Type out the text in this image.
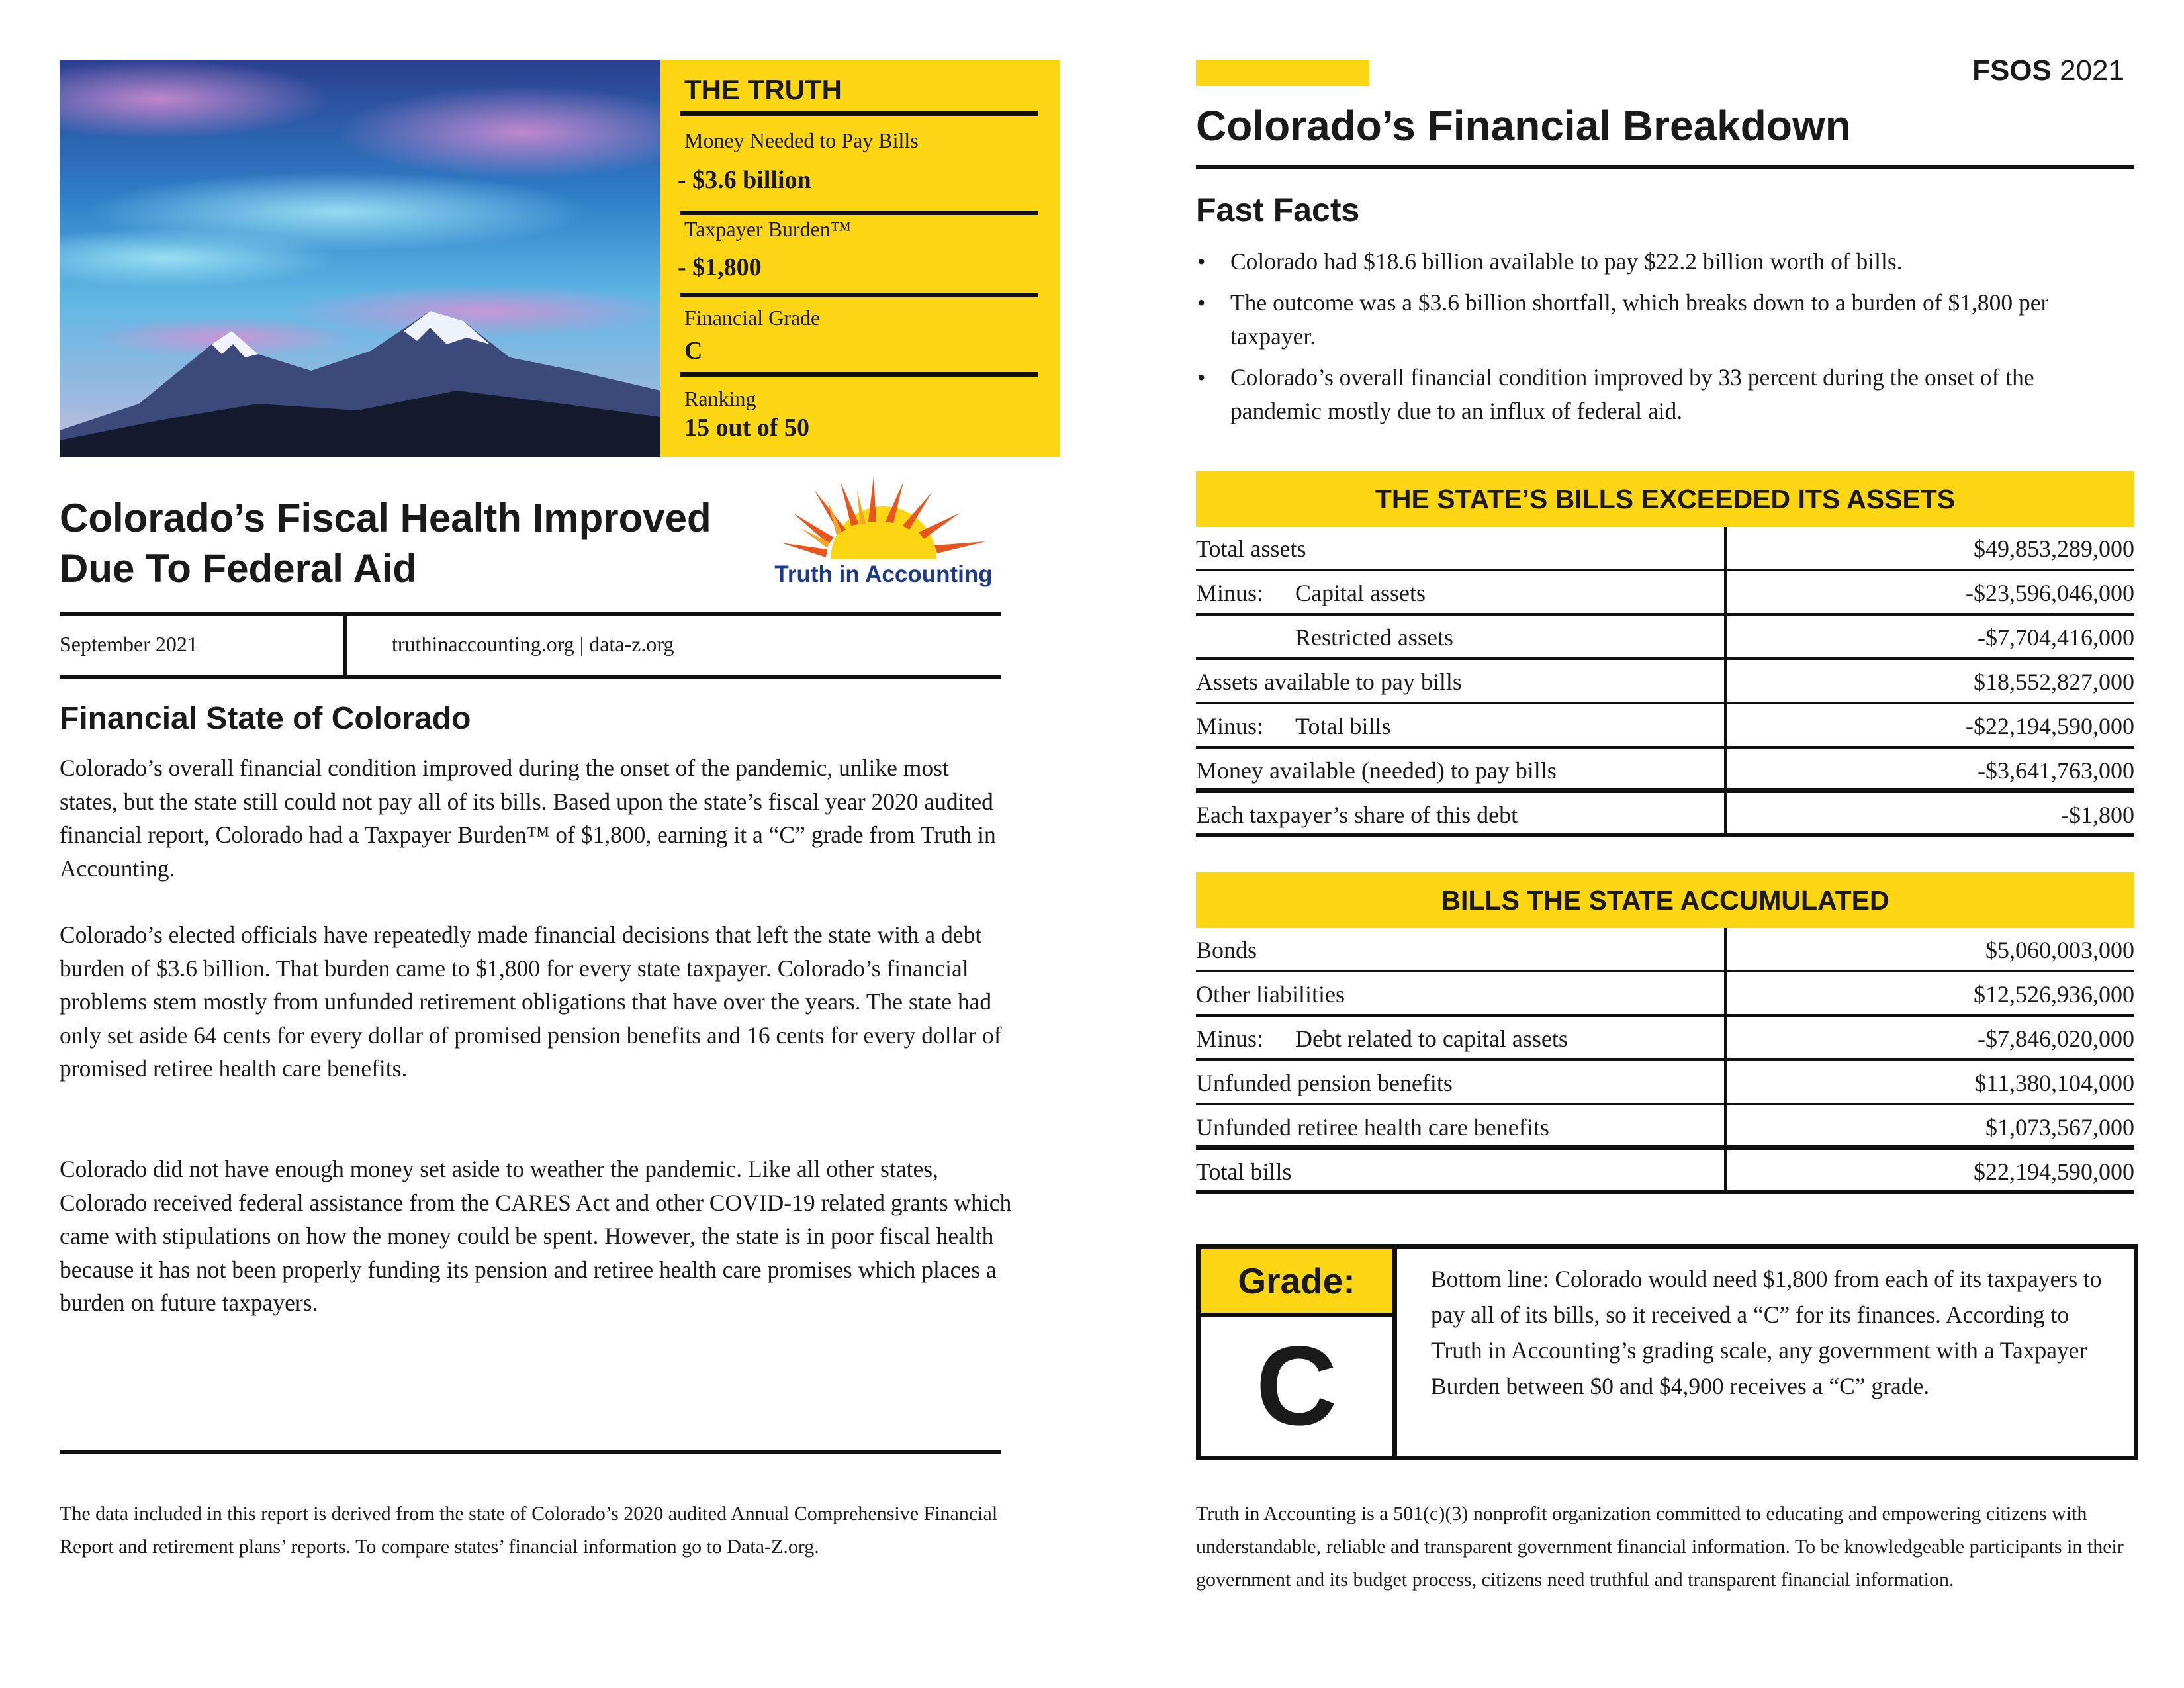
THE TRUTH
Money Needed to Pay Bills
- $3.6 billion
Taxpayer Burden™
- $1,800
Financial Grade
C
Ranking
15 out of 50
Colorado’s Fiscal Health Improved
Due To Federal Aid	Truth in Accounting
September 2021	truthinaccounting.org | data-z.org
Financial State of Colorado

Colorado’s overall financial condition improved during the onset of the pandemic, unlike most states, but the state still could not pay all of its bills. Based upon the state’s fiscal year 2020 audited financial report, Colorado had a Taxpayer Burden™ of $1,800, earning it a “C” grade from Truth in Accounting.

Colorado’s elected officials have repeatedly made financial decisions that left the state with a debt burden of $3.6 billion. That burden came to $1,800 for every state taxpayer. Colorado’s financial problems stem mostly from unfunded retirement obligations that have over the years. The state had only set aside 64 cents for every dollar of promised pension benefits and 16 cents for every dollar of promised retiree health care benefits.

Colorado did not have enough money set aside to weather the pandemic. Like all other states, Colorado received federal assistance from the CARES Act and other COVID-19 related grants which came with stipulations on how the money could be spent. However, the state is in poor fiscal health because it has not been properly funding its pension and retiree health care promises which places a burden on future taxpayers.

The data included in this report is derived from the state of Colorado’s 2020 audited Annual Comprehensive Financial Report and retirement plans’ reports. To compare states’ financial information go to Data-Z.org.

FSOS 2021
Colorado’s Financial Breakdown
Fast Facts
• Colorado had $18.6 billion available to pay $22.2 billion worth of bills.
• The outcome was a $3.6 billion shortfall, which breaks down to a burden of $1,800 per taxpayer.
• Colorado’s overall financial condition improved by 33 percent during the onset of the pandemic mostly due to an influx of federal aid.
THE STATE’S BILLS EXCEEDED ITS ASSETS
Total assets	$49,853,289,000
Minus: Capital assets	-$23,596,046,000
Restricted assets	-$7,704,416,000
Assets available to pay bills	$18,552,827,000
Minus: Total bills	-$22,194,590,000
Money available (needed) to pay bills	-$3,641,763,000
Each taxpayer’s share of this debt	-$1,800
BILLS THE STATE ACCUMULATED
Bonds	$5,060,003,000
Other liabilities	$12,526,936,000
Minus: Debt related to capital assets	-$7,846,020,000
Unfunded pension benefits	$11,380,104,000
Unfunded retiree health care benefits	$1,073,567,000
Total bills	$22,194,590,000
Grade:
C

Bottom line: Colorado would need $1,800 from each of its taxpayers to pay all of its bills, so it received a “C” for its finances. According to Truth in Accounting’s grading scale, any government with a Taxpayer Burden between $0 and $4,900 receives a “C” grade.

Truth in Accounting is a 501(c)(3) nonprofit organization committed to educating and empowering citizens with understandable, reliable and transparent government financial information. To be knowledgeable participants in their government and its budget process, citizens need truthful and transparent financial information.
